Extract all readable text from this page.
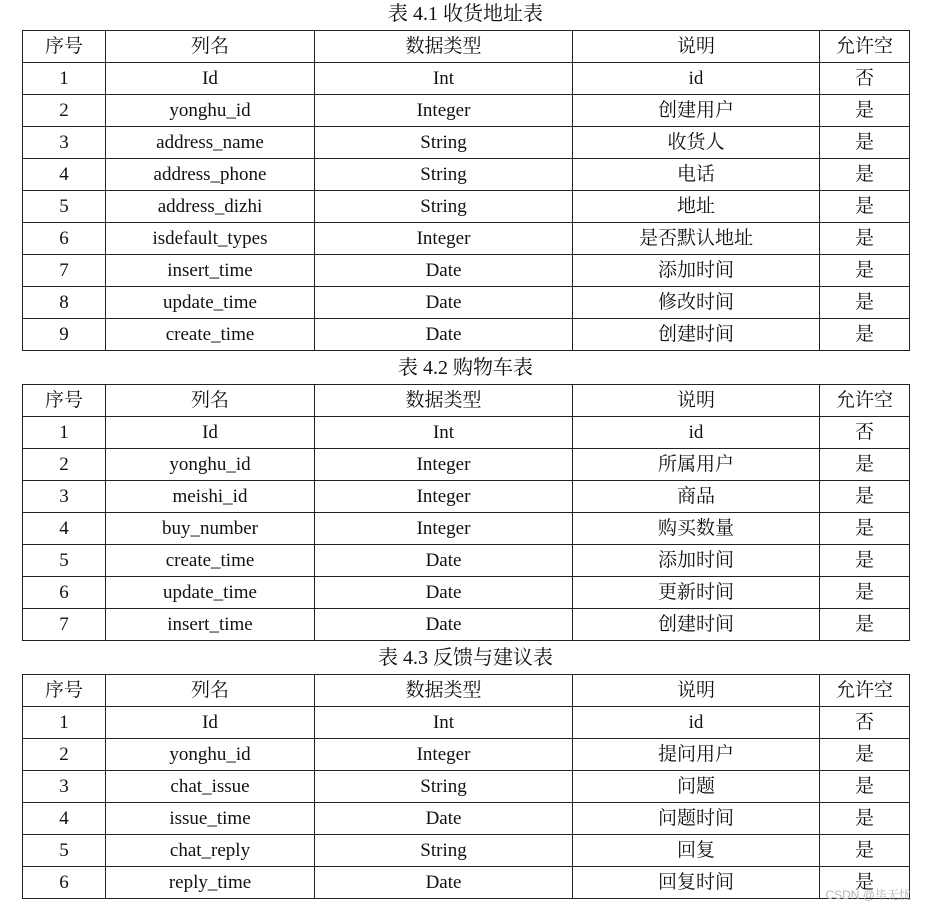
表 4.1 收货地址表
序号	列名	数据类型	说明	允许空
1	Id	Int	id	否
2	yonghu_id	Integer	创建用户	是
3	address_name	String	收货人	是
4	address_phone	String	电话	是
5	address_dizhi	String	地址	是
6	isdefault_types	Integer	是否默认地址	是
7	insert_time	Date	添加时间	是
8	update_time	Date	修改时间	是
9	create_time	Date	创建时间	是
表 4.2 购物车表
序号	列名	数据类型	说明	允许空
1	Id	Int	id	否
2	yonghu_id	Integer	所属用户	是
3	meishi_id	Integer	商品	是
4	buy_number	Integer	购买数量	是
5	create_time	Date	添加时间	是
6	update_time	Date	更新时间	是
7	insert_time	Date	创建时间	是
表 4.3 反馈与建议表
序号	列名	数据类型	说明	允许空
1	Id	Int	id	否
2	yonghu_id	Integer	提问用户	是
3	chat_issue	String	问题	是
4	issue_time	Date	问题时间	是
5	chat_reply	String	回复	是
6	reply_time	Date	回复时间	是
CSDN @毕无忧
